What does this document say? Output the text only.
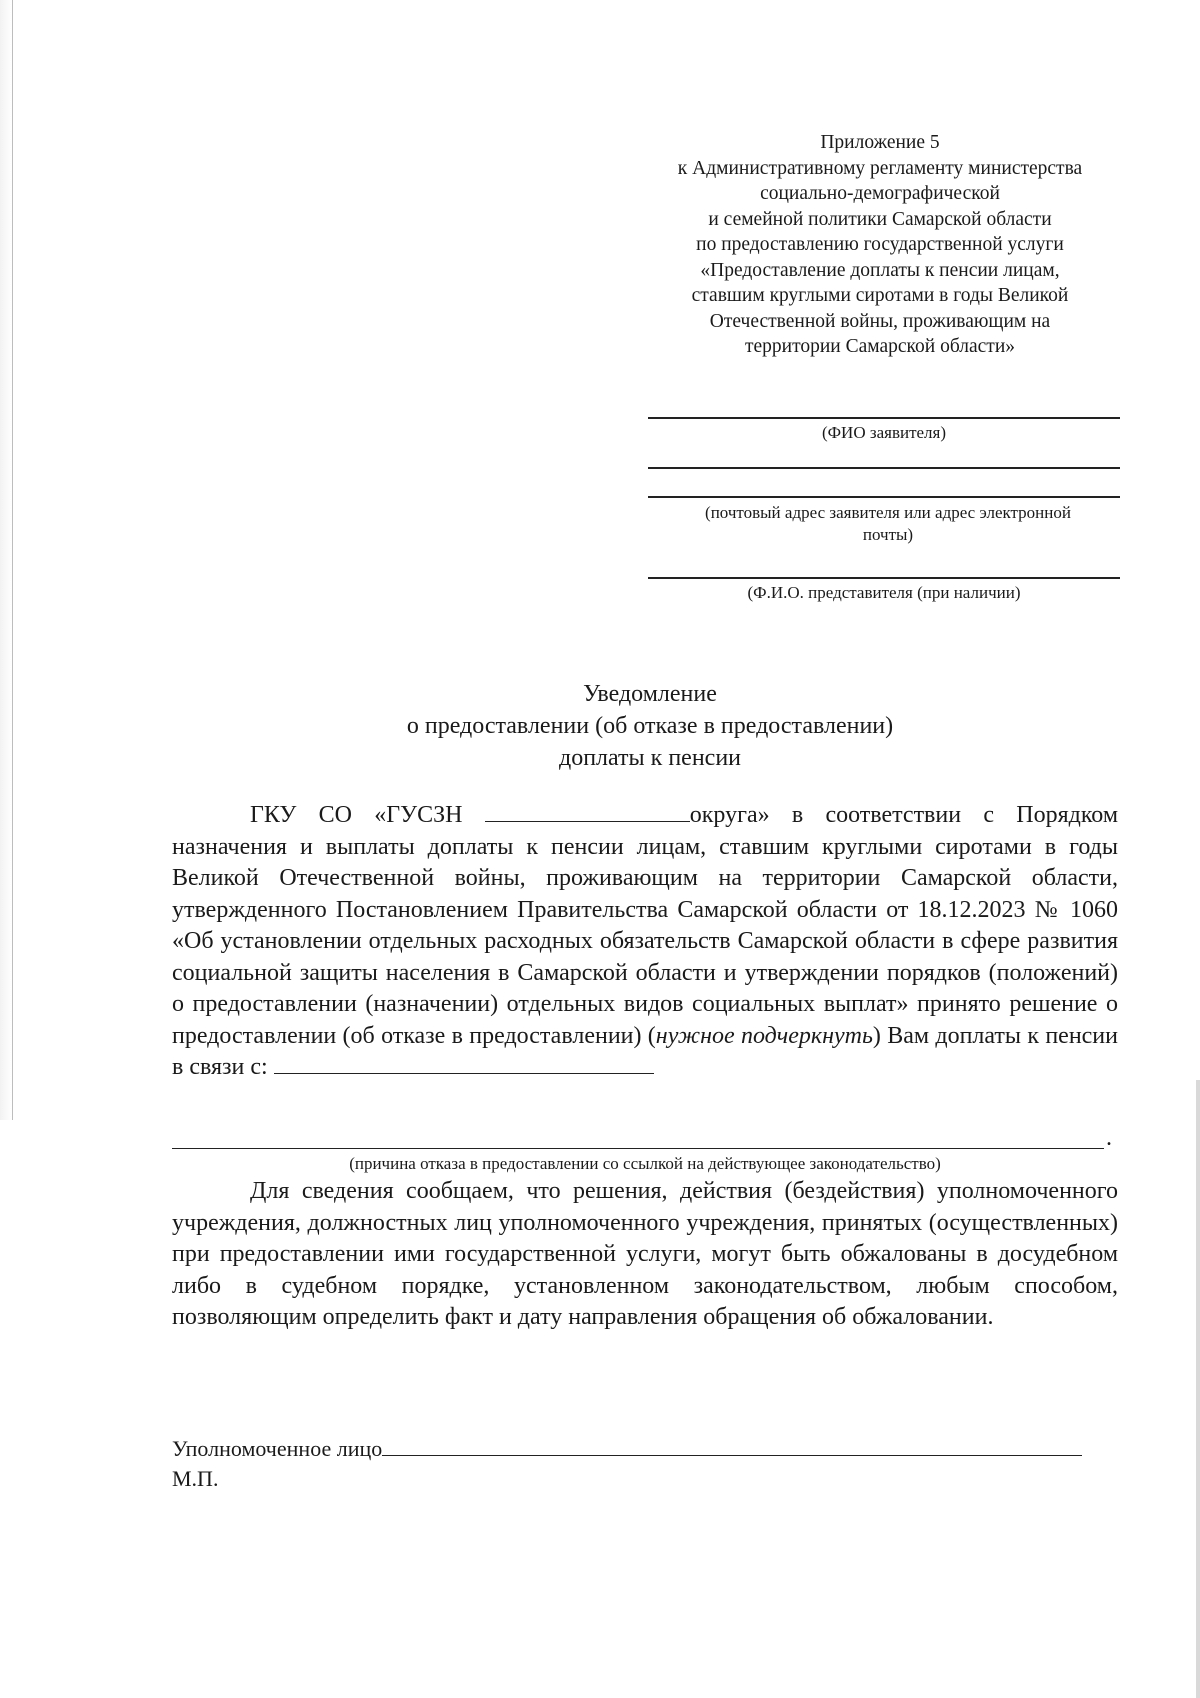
Приложение 5
к Административному регламенту министерства
социально-демографической
и семейной политики Самарской области
по предоставлению государственной услуги
«Предоставление доплаты к пенсии лицам,
ставшим круглыми сиротами в годы Великой
Отечественной войны, проживающим на
территории Самарской области»
(ФИО заявителя)
(почтовый адрес заявителя или адрес электронной
почты)
(Ф.И.О. представителя (при наличии)
Уведомление
о предоставлении (об отказе в предоставлении)
доплаты к пенсии
ГКУ СО «ГУСЗН	округа» в соответствии с Порядком назначения и выплаты доплаты к пенсии лицам, ставшим круглыми сиротами в годы Великой Отечественной войны, проживающим на территории Самарской области, утвержденного Постановлением Правительства Самарской области от 18.12.2023 № 1060 «Об установлении отдельных расходных обязательств Самарской области в сфере развития социальной защиты населения в Самарской области и утверждении порядков (положений) о предоставлении (назначении) отдельных видов социальных выплат» принято решение о предоставлении (об отказе в предоставлении) (нужное подчеркнуть) Вам доплаты к пенсии в связи с:
.
(причина отказа в предоставлении со ссылкой на действующее законодательство)
Для сведения сообщаем, что решения, действия (бездействия) уполномоченного учреждения, должностных лиц уполномоченного учреждения, принятых (осуществленных) при предоставлении ими государственной услуги, могут быть обжалованы в досудебном либо в судебном порядке, установленном законодательством, любым способом, позволяющим определить факт и дату направления обращения об обжаловании.
Уполномоченное лицо
М.П.
